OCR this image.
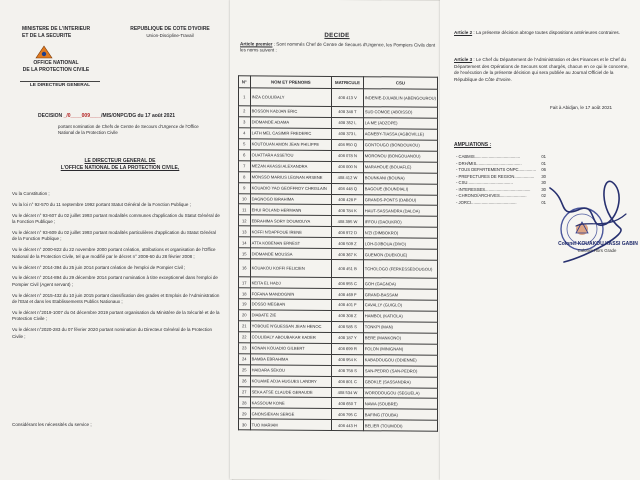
MINISTERE DE L'INTERIEUR
ET DE LA SECURITE
OFFICE NATIONAL
DE LA PROTECTION CIVILE
LE DIRECTEUR GENERAL
REPUBLIQUE DE COTE D'IVOIRE
Union-Discipline-Travail
DECISION _/0____009____/MIS/ONPC/DG du 17 août 2021
portant nomination de Chefs de Centre de Secours d'Urgence de l'Office National de la Protection Civile
LE DIRECTEUR GENERAL DE
L'OFFICE NATIONAL DE LA PROTECTION CIVILE,

Vu la Constitution ;

Vu la loi n° 92-570 du 11 septembre 1992 portant Statut Général de la Fonction Publique ;

Vu le décret n° 93-607 du 02 juillet 1993 portant modalités communes d'application du Statut Général de la Fonction Publique ;

Vu le décret n° 93-609 du 02 juillet 1993 portant modalités particulières d'application du Statut Général de la Fonction Publique ;

Vu le décret n° 2000-822 du 22 novembre 2000 portant création, attributions et organisation de l'Office National de la Protection Civile, tel que modifié par le décret n° 2008-60 du 28 février 2008 ;

Vu le décret n° 2014-394 du 25 juin 2014 portant création de l'emploi de Pompier Civil ;

Vu le décret n° 2014-894 du 29 décembre 2014 portant nomination à titre exceptionnel dans l'emploi de Pompier Civil (Agent servant) ;

Vu le décret n° 2015-432 du 10 juin 2015 portant classification des grades et Emplois de l'Administration de l'Etat et dans les Etablissements Publics Nationaux ;

Vu le décret n°2019-1007 du 04 décembre 2019 portant organisation du Ministère de la Sécurité et de la Protection Civile ;

Vu le décret n°2020-283 du 07 février 2020 portant nomination du Directeur Général de la Protection Civile ;

Considérant les nécessités du service ;
DECIDE
Article premier : Sont nommés Chef de Centre de Secours d'Urgence, les Pompiers Civils dont les noms suivent :
N°	NOM ET PRENOMS	MATRICULE	CSU
1	INZA COULIBALY	408 413 V	INDENIE-DJUABLIN (ABENGOUROU)
2	BOSSON KADJAN ERIC	408 348 T	SUD COMOE (ABOISSO)
3	DIOMANDE ADAMA	408 352 L	LA ME (ADZOPE)
4	LATH MEL CASIMIR FREDERIC	408 373 L	AGNEBY-TIASSA (AGBOVILLE)
5	KOUTOUAN AMON JEAN PHILIPPE	408 950 Q	GONTOUGO (BONDOUKOU)
6	OUATTARA ASSETOU	408 078 N	MORONOU (BONGOUANOU)
7	MEZAN AKASSI ALEXANDRA	408 000 N	MARAHOUE (BOUAFLE)
8	MONSSO MARIUS LEGNAN ARSENE	408 412 W	BOUNKANI (BOUNA)
9	KOUADIO YAO GEOFFROY CHRISLAIN	408 448 Q	BAGOUE (BOUNDIALI)
10	DAGNOGO IBRAHIMA	408 428 F	GRANDS-PONTS (DABOU)
11	EHUI ROLAND HERMANN	408 784 K	HAUT-SASSANDRA (DALOA)
12	EBRAHIMA SORY DOUMOUYA	408 395 W	IFFOU (DAOUKRO)
13	KOFFI N'DAPFOUE IRENE	408 972 D	N'ZI (DIMBOKRO)
14	ATTA KOBENAN ERNEST	408 509 Z	LOH-DJIBOUA (DIVO)
15	DIOMANDE MOUSSA	408 367 K	GUEMON (DUEKOUE)
16	KOUAKOU KOFFI FELICIEN	408 451 B	TCHOLOGO (FERKESSEDOUGOU)
17	KEITA EL HADJ	408 955 C	GOH (GAGNOA)
18	FOFANA MANDOGNIN	408 469 F	GRAND-BASSAM
19	DOSSO MEGBAN	408 401 F	CAVALLY (GUIGLO)
20	DIABATE ZIE	408 308 Z	HAMBOL (KATIOLA)
21	YOBOUE N'GUESSAN JEAN HENOC	408 585 S	TONKPI (MAN)
22	COULIBALY ABOUBAKAR KADER	408 187 Y	BERE (MANKONO)
23	KONAN KOUADIO GILBERT	408 699 R	FOLON (MINIGNAN)
24	BAMBA EBRAHIMA	408 954 K	KABADOUGOU (ODIENNE)
25	HAIDARA SEKOU	408 758 S	SAN-PEDRO (SAN-PEDRO)
26	KOUAME ADJA HUGUES LANDRY	408 801 C	GBOKLE (SASSANDRA)
27	SEKA ATSE CLAUDE GERAUDE	408 534 W	WORODOUGOU (SEGUELA)
28	KASSOUM KONE	408 650 T	NAWA (SOUBRE)
29	GNONSIEKAN SERGE	408 795 C	BAFING (TOUBA)
30	TUO MARIAM	408 443 H	BELIER (TOUMODI)
Article 2 : La présente décision abroge toutes dispositions antérieures contraires.
Article 3 : Le Chef du Département de l'Administration et des Finances et le Chef du Département des Opérations de Secours sont chargés, chacun en ce qui le concerne, de l'exécution de la présente décision qui sera publiée au Journal Officiel de la République de Côte d'Ivoire.
Fait à Abidjan, le 17 août 2021
AMPLIATIONS :
- CABMIS.......................................	01
- DRH/MIS.......................................	01
- TOUS DEPARTEMENTS ONPC...............	06
- PREFECTURES DE REGION.................	30
- CSU.......................................	30
- INTERESSES.......................................	30
- CHRONO/ARCHIVES.......................	02
- JORCI.......................................	01
Colonel KOUAKOU KASSI GABIN
Colonel Hors Grade
